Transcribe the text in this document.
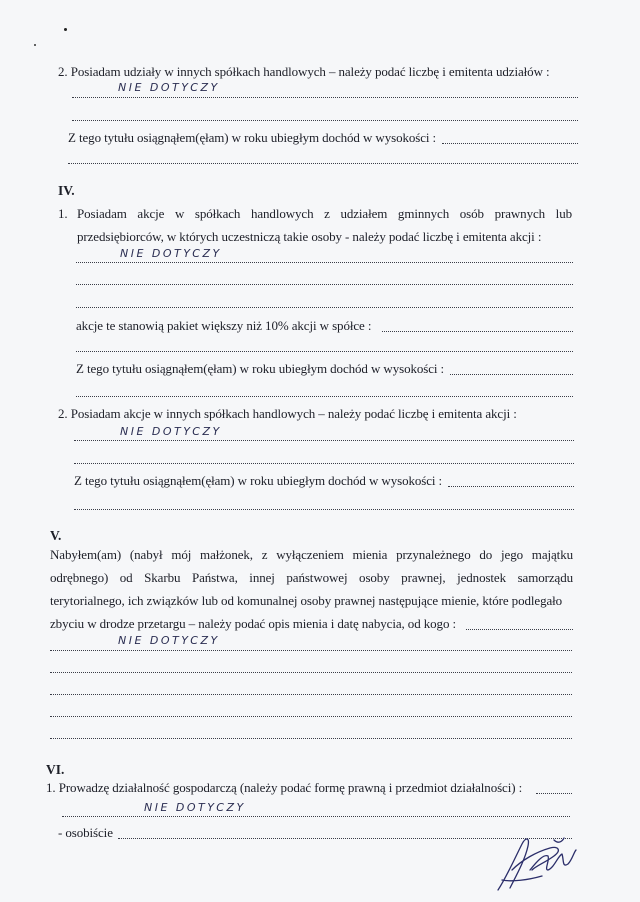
2. Posiadam udziały w innych spółkach handlowych – należy podać liczbę i emitenta udziałów :
NIE DOTYCZY
Z tego tytułu osiągnąłem(ęłam) w roku ubiegłym dochód w wysokości :
IV.
1. Posiadam akcje w spółkach handlowych z udziałem gminnych osób prawnych lub
przedsiębiorców, w których uczestniczą takie osoby - należy podać liczbę i emitenta akcji :
NIE DOTYCZY
akcje te stanowią pakiet większy niż 10% akcji w spółce :
Z tego tytułu osiągnąłem(ęłam) w roku ubiegłym dochód w wysokości :
2. Posiadam akcje w innych spółkach handlowych – należy podać liczbę i emitenta akcji :
NIE DOTYCZY
Z tego tytułu osiągnąłem(ęłam) w roku ubiegłym dochód w wysokości :
V.
Nabyłem(am) (nabył mój małżonek, z wyłączeniem mienia przynależnego do jego majątku
odrębnego) od Skarbu Państwa, innej państwowej osoby prawnej, jednostek samorządu
terytorialnego, ich związków lub od komunalnej osoby prawnej następujące mienie, które podlegało
zbyciu w drodze przetargu – należy podać opis mienia i datę nabycia, od kogo :
NIE DOTYCZY
VI.
1. Prowadzę działalność gospodarczą (należy podać formę prawną i przedmiot działalności) :
NIE DOTYCZY
- osobiście
